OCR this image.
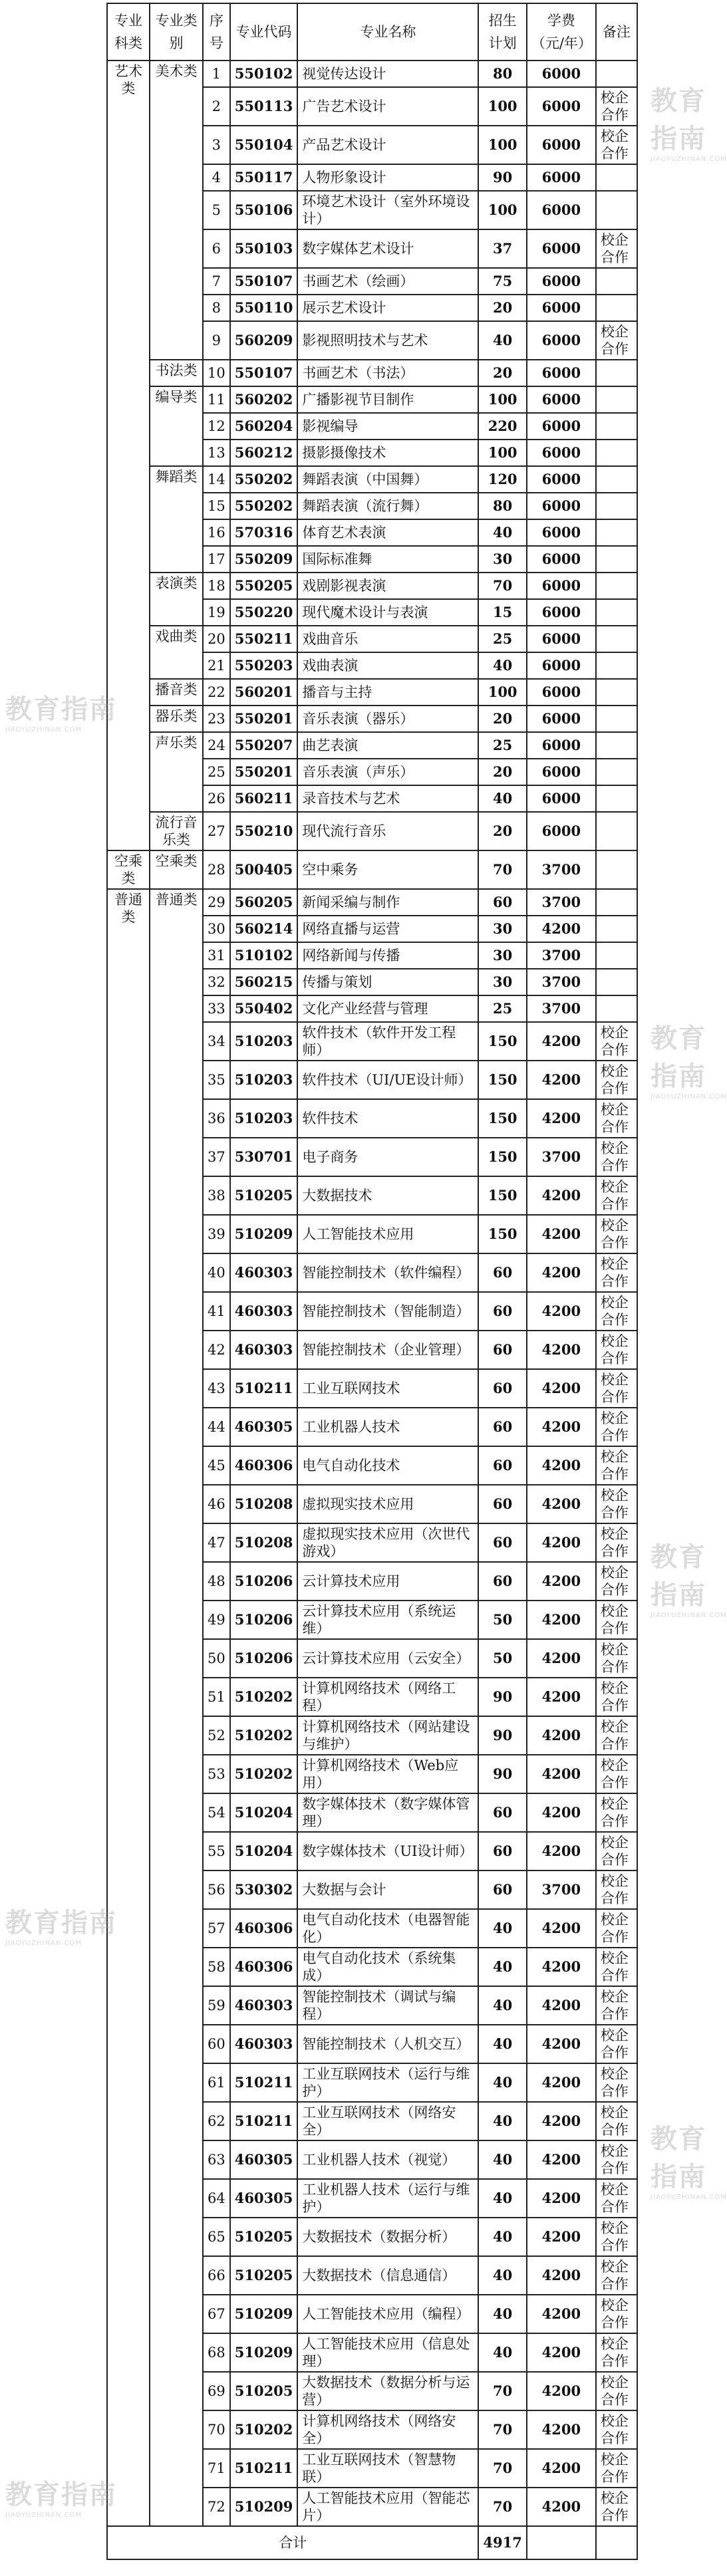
专业科类	专业类别	序号	专业代码	专业名称	招生计划	学费（元/年）	备注
艺术类	美术类	1	550102	视觉传达设计	80	6000	
		2	550113	广告艺术设计	100	6000	校企合作
		3	550104	产品艺术设计	100	6000	校企合作
		4	550117	人物形象设计	90	6000	
		5	550106	环境艺术设计（室外环境设计）	100	6000	
		6	550103	数字媒体艺术设计	37	6000	校企合作
		7	550107	书画艺术（绘画）	75	6000	
		8	550110	展示艺术设计	20	6000	
		9	560209	影视照明技术与艺术	40	6000	校企合作
	书法类	10	550107	书画艺术（书法）	20	6000	
	编导类	11	560202	广播影视节目制作	100	6000	
		12	560204	影视编导	220	6000	
		13	560212	摄影摄像技术	100	6000	
	舞蹈类	14	550202	舞蹈表演（中国舞）	120	6000	
		15	550202	舞蹈表演（流行舞）	80	6000	
		16	570316	体育艺术表演	40	6000	
		17	550209	国际标准舞	30	6000	
	表演类	18	550205	戏剧影视表演	70	6000	
		19	550220	现代魔术设计与表演	15	6000	
	戏曲类	20	550211	戏曲音乐	25	6000	
		21	550203	戏曲表演	40	6000	
	播音类	22	560201	播音与主持	100	6000	
	器乐类	23	550201	音乐表演（器乐）	20	6000	
	声乐类	24	550207	曲艺表演	25	6000	
		25	550201	音乐表演（声乐）	20	6000	
		26	560211	录音技术与艺术	40	6000	
	流行音乐类	27	550210	现代流行音乐	20	6000	
空乘类	空乘类	28	500405	空中乘务	70	3700	
普通类	普通类	29	560205	新闻采编与制作	60	3700	
		30	560214	网络直播与运营	30	4200	
		31	510102	网络新闻与传播	30	3700	
		32	560215	传播与策划	30	3700	
		33	550402	文化产业经营与管理	25	3700	
		34	510203	软件技术（软件开发工程师）	150	4200	校企合作
		35	510203	软件技术（UI/UE设计师）	150	4200	校企合作
		36	510203	软件技术	150	4200	校企合作
		37	530701	电子商务	150	3700	校企合作
		38	510205	大数据技术	150	4200	校企合作
		39	510209	人工智能技术应用	150	4200	校企合作
		40	460303	智能控制技术（软件编程）	60	4200	校企合作
		41	460303	智能控制技术（智能制造）	60	4200	校企合作
		42	460303	智能控制技术（企业管理）	60	4200	校企合作
		43	510211	工业互联网技术	60	4200	校企合作
		44	460305	工业机器人技术	60	4200	校企合作
		45	460306	电气自动化技术	60	4200	校企合作
		46	510208	虚拟现实技术应用	60	4200	校企合作
		47	510208	虚拟现实技术应用（次世代游戏）	60	4200	校企合作
		48	510206	云计算技术应用	60	4200	校企合作
		49	510206	云计算技术应用（系统运维）	50	4200	校企合作
		50	510206	云计算技术应用（云安全）	50	4200	校企合作
		51	510202	计算机网络技术（网络工程）	90	4200	校企合作
		52	510202	计算机网络技术（网站建设与维护）	90	4200	校企合作
		53	510202	计算机网络技术（Web应用）	90	4200	校企合作
		54	510204	数字媒体技术（数字媒体管理）	60	4200	校企合作
		55	510204	数字媒体技术（UI设计师）	60	4200	校企合作
		56	530302	大数据与会计	60	3700	校企合作
		57	460306	电气自动化技术（电器智能化）	40	4200	校企合作
		58	460306	电气自动化技术（系统集成）	40	4200	校企合作
		59	460303	智能控制技术（调试与编程）	40	4200	校企合作
		60	460303	智能控制技术（人机交互）	40	4200	校企合作
		61	510211	工业互联网技术（运行与维护）	40	4200	校企合作
		62	510211	工业互联网技术（网络安全）	40	4200	校企合作
		63	460305	工业机器人技术（视觉）	40	4200	校企合作
		64	460305	工业机器人技术（运行与维护）	40	4200	校企合作
		65	510205	大数据技术（数据分析）	40	4200	校企合作
		66	510205	大数据技术（信息通信）	40	4200	校企合作
		67	510209	人工智能技术应用（编程）	40	4200	校企合作
		68	510209	人工智能技术应用（信息处理）	40	4200	校企合作
		69	510205	大数据技术（数据分析与运营）	70	4200	校企合作
		70	510202	计算机网络技术（网络安全）	70	4200	校企合作
		71	510211	工业互联网技术（智慧物联）	70	4200	校企合作
		72	510209	人工智能技术应用（智能芯片）	70	4200	校企合作
合计					4917		
教育指南
JIAOYUZHINAN.COM
教育指南
JIAOYUZHINAN.COM
教育指南
JIAOYUZHINAN.COM
教育指南
JIAOYUZHINAN.COM
教育指南
JIAOYUZHINAN.COM
教育指南
JIAOYUZHINAN.COM
教育指南
JIAOYUZHINAN.COM
